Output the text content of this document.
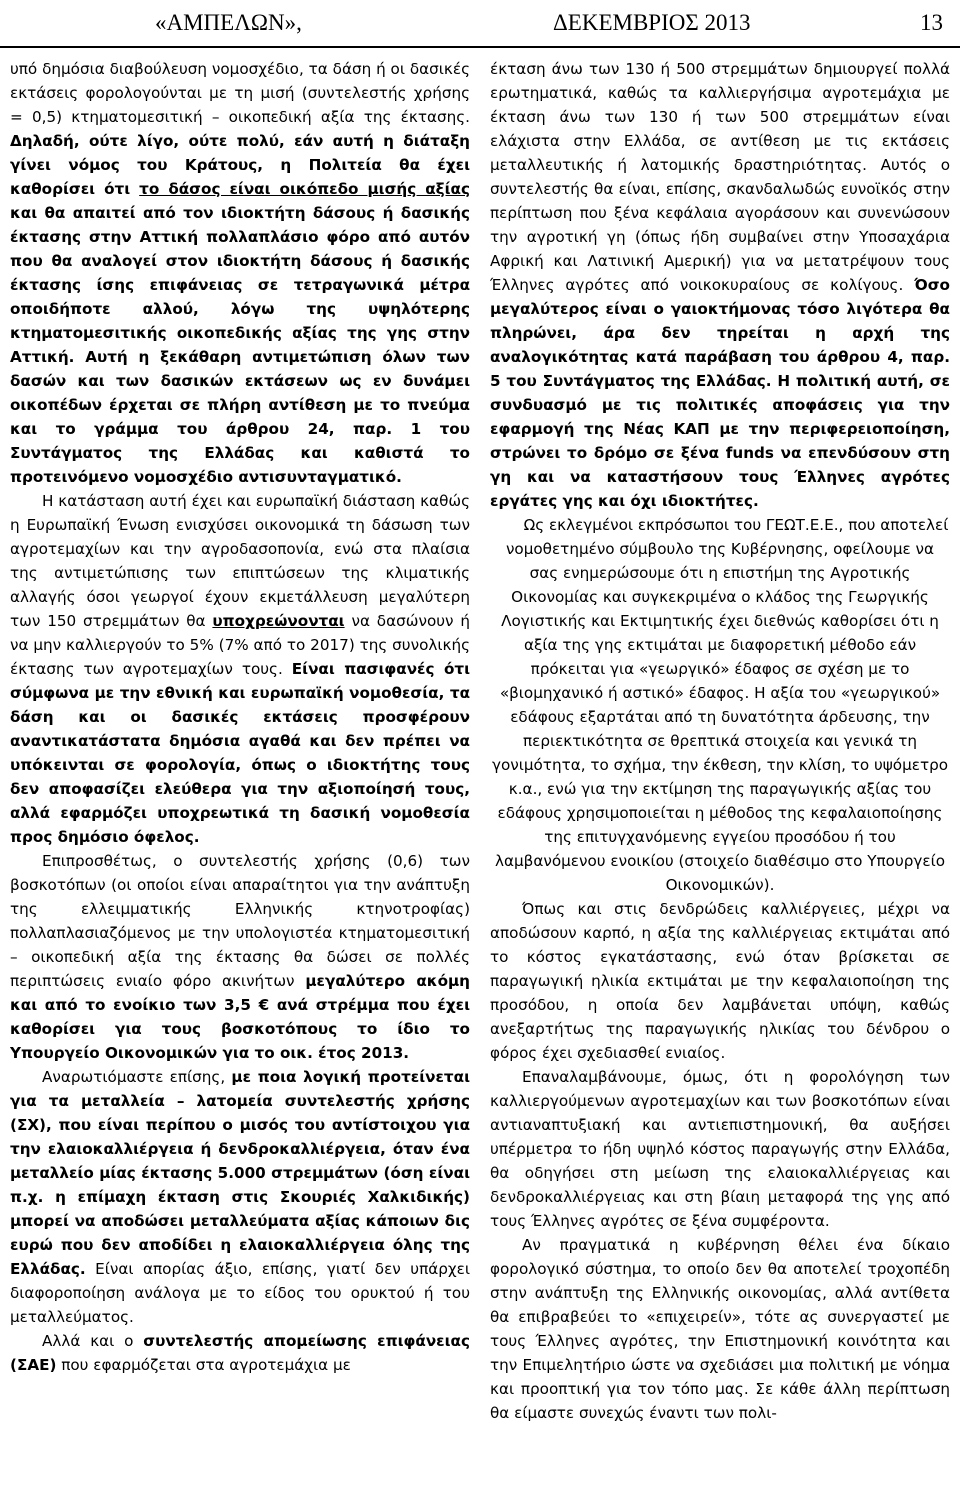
«ΑΜΠΕΛΩΝ»,	ΔΕΚΕΜΒΡΙΟΣ 2013	13

υπό δημόσια διαβούλευση νομοσχέδιο, τα δάση ή οι δασικές εκτάσεις φορολογούνται με τη μισή (συντελεστής χρήσης = 0,5) κτηματομεσιτική – οικοπεδική αξία της έκτασης. Δηλαδή, ούτε λίγο, ούτε πολύ, εάν αυτή η διάταξη γίνει νόμος του Κράτους, η Πολιτεία θα έχει καθορίσει ότι το δάσος είναι οικόπεδο μισής αξίας και θα απαιτεί από τον ιδιοκτήτη δάσους ή δασικής έκτασης στην Αττική πολλαπλάσιο φόρο από αυτόν που θα αναλογεί στον ιδιοκτήτη δάσους ή δασικής έκτασης ίσης επιφάνειας σε τετραγωνικά μέτρα οποιδήποτε αλλού, λόγω της υψηλότερης κτηματομεσιτικής οικοπεδικής αξίας της γης στην Αττική. Αυτή η ξεκάθαρη αντιμετώπιση όλων των δασών και των δασικών εκτάσεων ως εν δυνάμει οικοπέδων έρχεται σε πλήρη αντίθεση με το πνεύμα και το γράμμα του άρθρου 24, παρ. 1 του Συντάγματος της Ελλάδας και καθιστά το προτεινόμενο νομοσχέδιο αντισυνταγματικό.

Η κατάσταση αυτή έχει και ευρωπαϊκή διάσταση καθώς η Ευρωπαϊκή Ένωση ενισχύσει οικονομικά τη δάσωση των αγροτεμαχίων και την αγροδασοπονία, ενώ στα πλαίσια της αντιμετώπισης των επιπτώσεων της κλιματικής αλλαγής όσοι γεωργοί έχουν εκμετάλλευση μεγαλύτερη των 150 στρεμμάτων θα υποχρεώνονται να δασώνουν ή να μην καλλιεργούν το 5% (7% από το 2017) της συνολικής έκτασης των αγροτεμαχίων τους. Είναι πασιφανές ότι σύμφωνα με την εθνική και ευρωπαϊκή νομοθεσία, τα δάση και οι δασικές εκτάσεις προσφέρουν αναντικατάστατα δημόσια αγαθά και δεν πρέπει να υπόκεινται σε φορολογία, όπως ο ιδιοκτήτης τους δεν αποφασίζει ελεύθερα για την αξιοποίησή τους, αλλά εφαρμόζει υποχρεωτικά τη δασική νομοθεσία προς δημόσιο όφελος.

Επιπροσθέτως, ο συντελεστής χρήσης (0,6) των βοσκοτόπων (οι οποίοι είναι απαραίτητοι για την ανάπτυξη της ελλειμματικής Ελληνικής κτηνοτροφίας) πολλαπλασιαζόμενος με την υπολογιστέα κτηματομεσιτική – οικοπεδική αξία της έκτασης θα δώσει σε πολλές περιπτώσεις ενιαίο φόρο ακινήτων μεγαλύτερο ακόμη και από το ενοίκιο των 3,5 € ανά στρέμμα που έχει καθορίσει για τους βοσκοτόπους το ίδιο το Υπουργείο Οικονομικών για το οικ. έτος 2013.

Αναρωτιόμαστε επίσης, με ποια λογική προτείνεται για τα μεταλλεία – λατομεία συντελεστής χρήσης (ΣΧ), που είναι περίπου ο μισός του αντίστοιχου για την ελαιοκαλλιέργεια ή δενδροκαλλιέργεια, όταν ένα μεταλλείο μίας έκτασης 5.000 στρεμμάτων (όση είναι π.χ. η επίμαχη έκταση στις Σκουριές Χαλκιδικής) μπορεί να αποδώσει μεταλλεύματα αξίας κάποιων δις ευρώ που δεν αποδίδει η ελαιοκαλλιέργεια όλης της Ελλάδας. Είναι απορίας άξιο, επίσης, γιατί δεν υπάρχει διαφοροποίηση ανάλογα με το είδος του ορυκτού ή του μεταλλεύματος.

Αλλά και ο συντελεστής απομείωσης επιφάνειας (ΣΑΕ) που εφαρμόζεται στα αγροτεμάχια με

έκταση άνω των 130 ή 500 στρεμμάτων δημιουργεί πολλά ερωτηματικά, καθώς τα καλλιεργήσιμα αγροτεμάχια με έκταση άνω των 130 ή των 500 στρεμμάτων είναι ελάχιστα στην Ελλάδα, σε αντίθεση με τις εκτάσεις μεταλλευτικής ή λατομικής δραστηριότητας. Αυτός ο συντελεστής θα είναι, επίσης, σκανδαλωδώς ευνοϊκός στην περίπτωση που ξένα κεφάλαια αγοράσουν και συνενώσουν την αγροτική γη (όπως ήδη συμβαίνει στην Υποσαχάρια Αφρική και Λατινική Αμερική) για να μετατρέψουν τους Έλληνες αγρότες από νοικοκυραίους σε κολίγους. Όσο μεγαλύτερος είναι ο γαιοκτήμονας τόσο λιγότερα θα πληρώνει, άρα δεν τηρείται η αρχή της αναλογικότητας κατά παράβαση του άρθρου 4, παρ. 5 του Συντάγματος της Ελλάδας. Η πολιτική αυτή, σε συνδυασμό με τις πολιτικές αποφάσεις για την εφαρμογή της Νέας ΚΑΠ με την περιφερειοποίηση, στρώνει το δρόμο σε ξένα funds να επενδύσουν στη γη και να καταστήσουν τους Έλληνες αγρότες εργάτες γης και όχι ιδιοκτήτες.

Ως εκλεγμένοι εκπρόσωποι του ΓΕΩΤ.Ε.Ε., που αποτελεί νομοθετημένο σύμβουλο της Κυβέρνησης, οφείλουμε να σας ενημερώσουμε ότι η επιστήμη της Αγροτικής Οικονομίας και συγκεκριμένα ο κλάδος της Γεωργικής Λογιστικής και Εκτιμητικής έχει διεθνώς καθορίσει ότι η αξία της γης εκτιμάται με διαφορετική μέθοδο εάν πρόκειται για «γεωργικό» έδαφος σε σχέση με το «βιομηχανικό ή αστικό» έδαφος. Η αξία του «γεωργικού» εδάφους εξαρτάται από τη δυνατότητα άρδευσης, την περιεκτικότητα σε θρεπτικά στοιχεία και γενικά τη γονιμότητα, το σχήμα, την έκθεση, την κλίση, το υψόμετρο κ.α., ενώ για την εκτίμηση της παραγωγικής αξίας του εδάφους χρησιμοποιείται η μέθοδος της κεφαλαιοποίησης της επιτυγχανόμενης εγγείου προσόδου ή του λαμβανόμενου ενοικίου (στοιχείο διαθέσιμο στο Υπουργείο Οικονομικών).

Όπως και στις δενδρώδεις καλλιέργειες, μέχρι να αποδώσουν καρπό, η αξία της καλλιέργειας εκτιμάται από το κόστος εγκατάστασης, ενώ όταν βρίσκεται σε παραγωγική ηλικία εκτιμάται με την κεφαλαιοποίηση της προσόδου, η οποία δεν λαμβάνεται υπόψη, καθώς ανεξαρτήτως της παραγωγικής ηλικίας του δένδρου ο φόρος έχει σχεδιασθεί ενιαίος.

Επαναλαμβάνουμε, όμως, ότι η φορολόγηση των καλλιεργούμενων αγροτεμαχίων και των βοσκοτόπων είναι αντιαναπτυξιακή και αντιεπιστημονική, θα αυξήσει υπέρμετρα το ήδη υψηλό κόστος παραγωγής στην Ελλάδα, θα οδηγήσει στη μείωση της ελαιοκαλλιέργειας και δενδροκαλλιέργειας και στη βίαιη μεταφορά της γης από τους Έλληνες αγρότες σε ξένα συμφέροντα.

Αν πραγματικά η κυβέρνηση θέλει ένα δίκαιο φορολογικό σύστημα, το οποίο δεν θα αποτελεί τροχοπέδη στην ανάπτυξη της Ελληνικής οικονομίας, αλλά αντίθετα θα επιβραβεύει το «επιχειρείν», τότε ας συνεργαστεί με τους Έλληνες αγρότες, την Επιστημονική κοινότητα και την Επιμελητήριο ώστε να σχεδιάσει μια πολιτική με νόημα και προοπτική για τον τόπο μας. Σε κάθε άλλη περίπτωση θα είμαστε συνεχώς έναντι των πολι-
